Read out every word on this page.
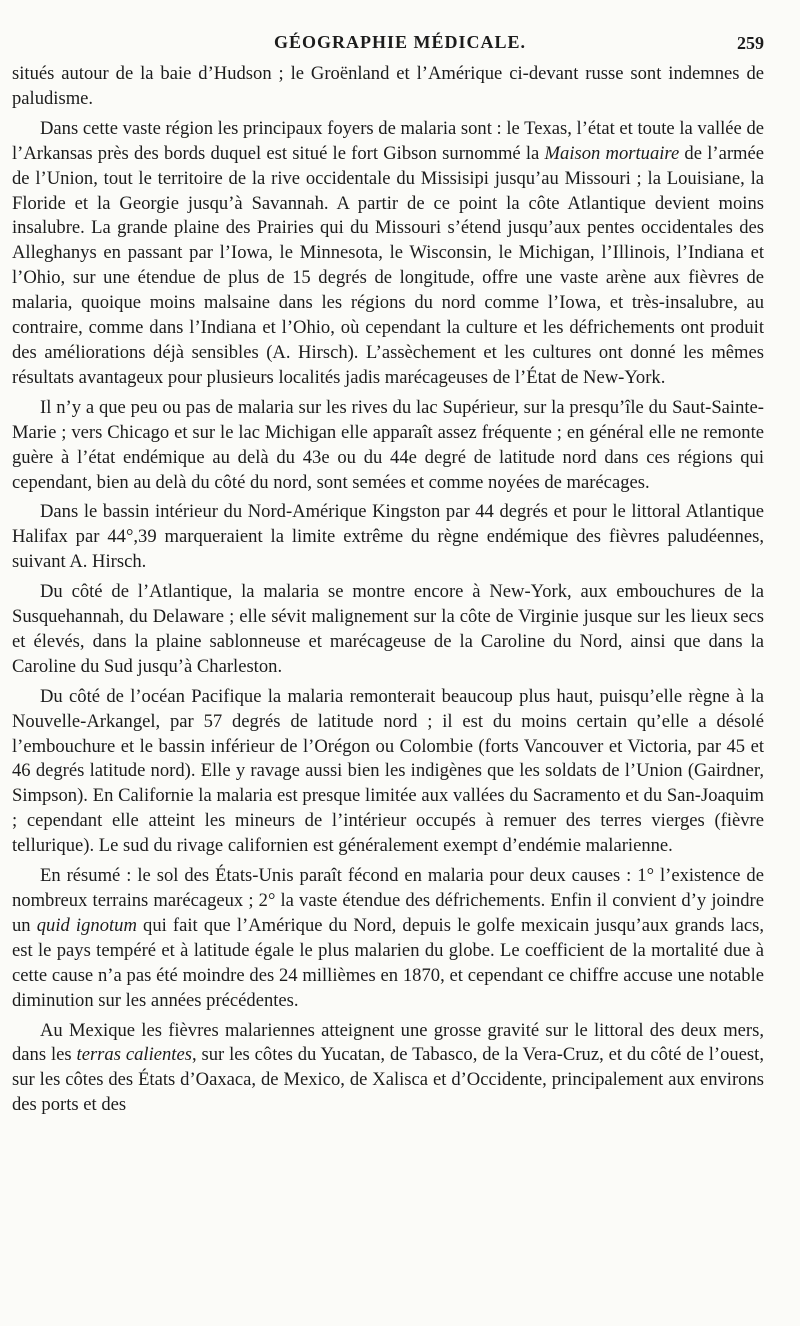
GÉOGRAPHIE MÉDICALE.	259

situés autour de la baie d’Hudson ; le Groënland et l’Amérique ci-devant russe sont indemnes de paludisme.

Dans cette vaste région les principaux foyers de malaria sont : le Texas, l’état et toute la vallée de l’Arkansas près des bords duquel est situé le fort Gibson surnommé la Maison mortuaire de l’armée de l’Union, tout le territoire de la rive occidentale du Missisipi jusqu’au Missouri ; la Louisiane, la Floride et la Georgie jusqu’à Savannah. A partir de ce point la côte Atlantique devient moins insalubre. La grande plaine des Prairies qui du Missouri s’étend jusqu’aux pentes occidentales des Alleghanys en passant par l’Iowa, le Minnesota, le Wisconsin, le Michigan, l’Illinois, l’Indiana et l’Ohio, sur une étendue de plus de 15 degrés de longitude, offre une vaste arène aux fièvres de malaria, quoique moins malsaine dans les régions du nord comme l’Iowa, et très-insalubre, au contraire, comme dans l’Indiana et l’Ohio, où cependant la culture et les défrichements ont produit des améliorations déjà sensibles (A. Hirsch). L’assèchement et les cultures ont donné les mêmes résultats avantageux pour plusieurs localités jadis marécageuses de l’État de New-York.

Il n’y a que peu ou pas de malaria sur les rives du lac Supérieur, sur la presqu’île du Saut-Sainte-Marie ; vers Chicago et sur le lac Michigan elle apparaît assez fréquente ; en général elle ne remonte guère à l’état endémique au delà du 43e ou du 44e degré de latitude nord dans ces régions qui cependant, bien au delà du côté du nord, sont semées et comme noyées de marécages.

Dans le bassin intérieur du Nord-Amérique Kingston par 44 degrés et pour le littoral Atlantique Halifax par 44°,39 marqueraient la limite extrême du règne endémique des fièvres paludéennes, suivant A. Hirsch.

Du côté de l’Atlantique, la malaria se montre encore à New-York, aux embouchures de la Susquehannah, du Delaware ; elle sévit malignement sur la côte de Virginie jusque sur les lieux secs et élevés, dans la plaine sablonneuse et marécageuse de la Caroline du Nord, ainsi que dans la Caroline du Sud jusqu’à Charleston.

Du côté de l’océan Pacifique la malaria remonterait beaucoup plus haut, puisqu’elle règne à la Nouvelle-Arkangel, par 57 degrés de latitude nord ; il est du moins certain qu’elle a désolé l’embouchure et le bassin inférieur de l’Orégon ou Colombie (forts Vancouver et Victoria, par 45 et 46 degrés latitude nord). Elle y ravage aussi bien les indigènes que les soldats de l’Union (Gairdner, Simpson). En Californie la malaria est presque limitée aux vallées du Sacramento et du San-Joaquim ; cependant elle atteint les mineurs de l’intérieur occupés à remuer des terres vierges (fièvre tellurique). Le sud du rivage californien est généralement exempt d’endémie malarienne.

En résumé : le sol des États-Unis paraît fécond en malaria pour deux causes : 1° l’existence de nombreux terrains marécageux ; 2° la vaste étendue des défrichements. Enfin il convient d’y joindre un quid ignotum qui fait que l’Amérique du Nord, depuis le golfe mexicain jusqu’aux grands lacs, est le pays tempéré et à latitude égale le plus malarien du globe. Le coefficient de la mortalité due à cette cause n’a pas été moindre des 24 millièmes en 1870, et cependant ce chiffre accuse une notable diminution sur les années précédentes.

Au Mexique les fièvres malariennes atteignent une grosse gravité sur le littoral des deux mers, dans les terras calientes, sur les côtes du Yucatan, de Tabasco, de la Vera-Cruz, et du côté de l’ouest, sur les côtes des États d’Oaxaca, de Mexico, de Xalisca et d’Occidente, principalement aux environs des ports et des
